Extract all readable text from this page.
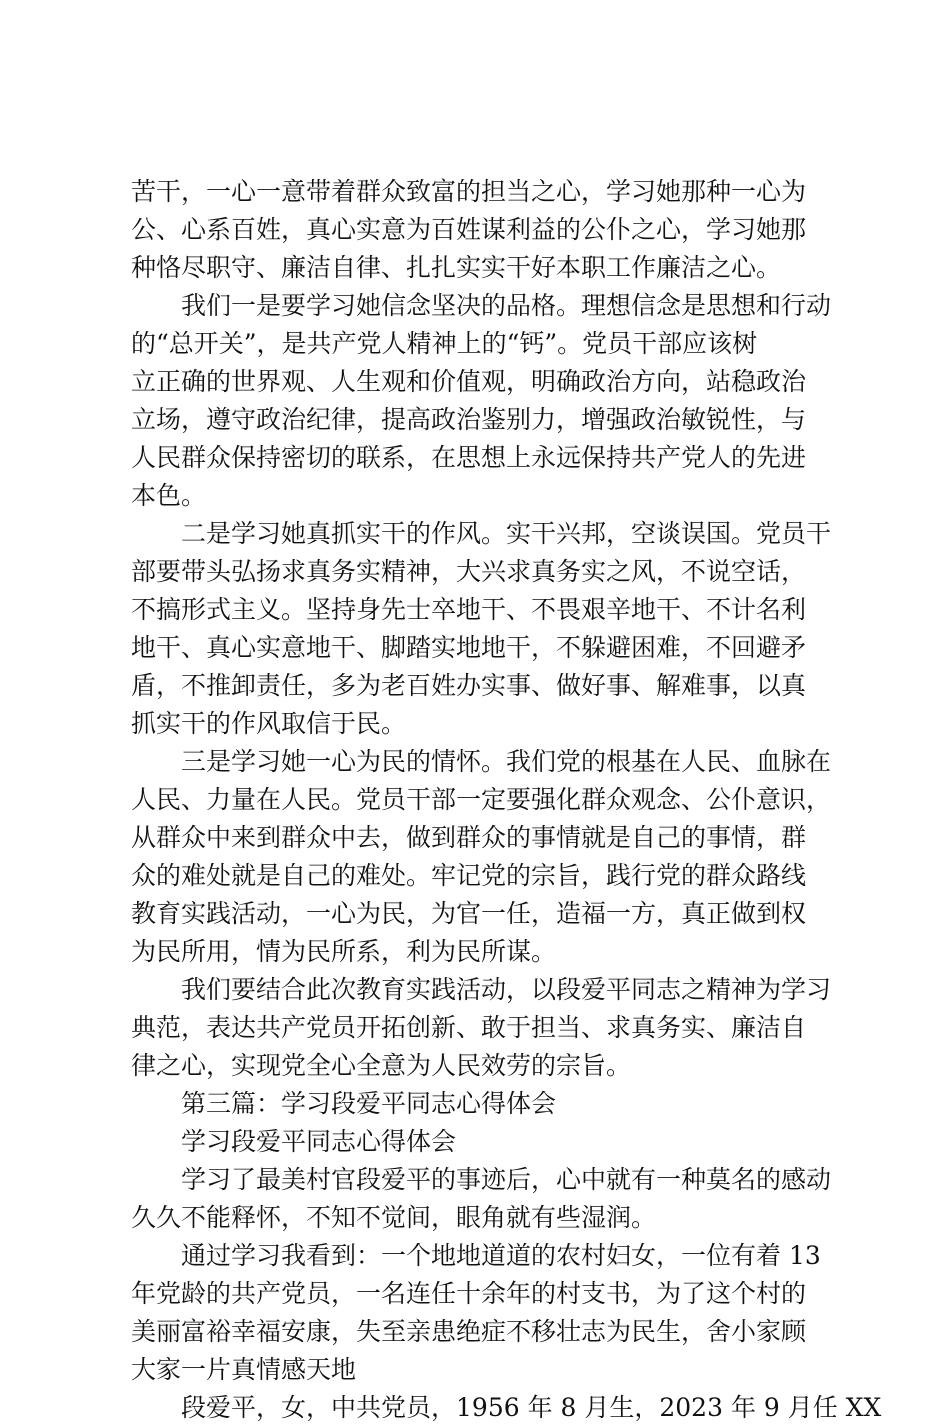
苦干，一心一意带着群众致富的担当之心，学习她那种一心为
公、心系百姓，真心实意为百姓谋利益的公仆之心，学习她那
种恪尽职守、廉洁自律、扎扎实实干好本职工作廉洁之心。
我们一是要学习她信念坚决的品格。理想信念是思想和行动
的“总开关”，是共产党人精神上的“钙”。党员干部应该树
立正确的世界观、人生观和价值观，明确政治方向，站稳政治
立场，遵守政治纪律，提高政治鉴别力，增强政治敏锐性，与
人民群众保持密切的联系，在思想上永远保持共产党人的先进
本色。
二是学习她真抓实干的作风。实干兴邦，空谈误国。党员干
部要带头弘扬求真务实精神，大兴求真务实之风，不说空话，
不搞形式主义。坚持身先士卒地干、不畏艰辛地干、不计名利
地干、真心实意地干、脚踏实地地干，不躲避困难，不回避矛
盾，不推卸责任，多为老百姓办实事、做好事、解难事，以真
抓实干的作风取信于民。
三是学习她一心为民的情怀。我们党的根基在人民、血脉在
人民、力量在人民。党员干部一定要强化群众观念、公仆意识，
从群众中来到群众中去，做到群众的事情就是自己的事情，群
众的难处就是自己的难处。牢记党的宗旨，践行党的群众路线
教育实践活动，一心为民，为官一任，造福一方，真正做到权
为民所用，情为民所系，利为民所谋。
我们要结合此次教育实践活动，以段爱平同志之精神为学习
典范，表达共产党员开拓创新、敢于担当、求真务实、廉洁自
律之心，实现党全心全意为人民效劳的宗旨。
第三篇：学习段爱平同志心得体会
学习段爱平同志心得体会
学习了最美村官段爱平的事迹后，心中就有一种莫名的感动
久久不能释怀，不知不觉间，眼角就有些湿润。
通过学习我看到：一个地地道道的农村妇女，一位有着 13
年党龄的共产党员，一名连任十余年的村支书，为了这个村的
美丽富裕幸福安康，失至亲患绝症不移壮志为民生，舍小家顾
大家一片真情感天地
段爱平，女，中共党员，1956 年 8 月生，2023 年 9 月任 XX
